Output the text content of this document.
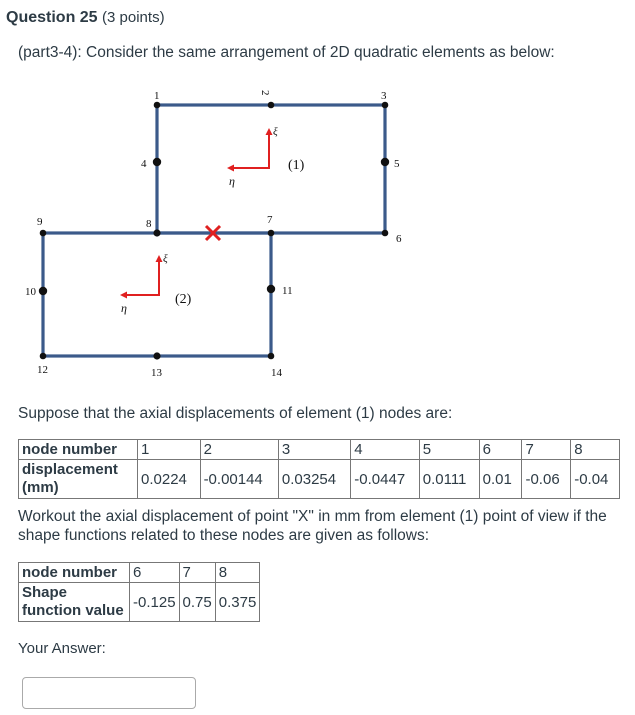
Question 25 (3 points)
(part3-4): Consider the same arrangement of 2D quadratic elements as below:
1	2	3
4	5
6
7
8
9
10	11
12	13	14
(1)
(2)
ξ
η
ξ
η
Suppose that the axial displacements of element (1) nodes are:
node number	1	2	3	4	5	6	7	8
displacement (mm)	0.0224	-0.00144	0.03254	-0.0447	0.0111	0.01	-0.06	-0.04
Workout the axial displacement of point "X" in mm from element (1) point of view if the shape functions related to these nodes are given as follows:
node number	6	7	8
Shape function value	-0.125	0.75	0.375
Your Answer:
